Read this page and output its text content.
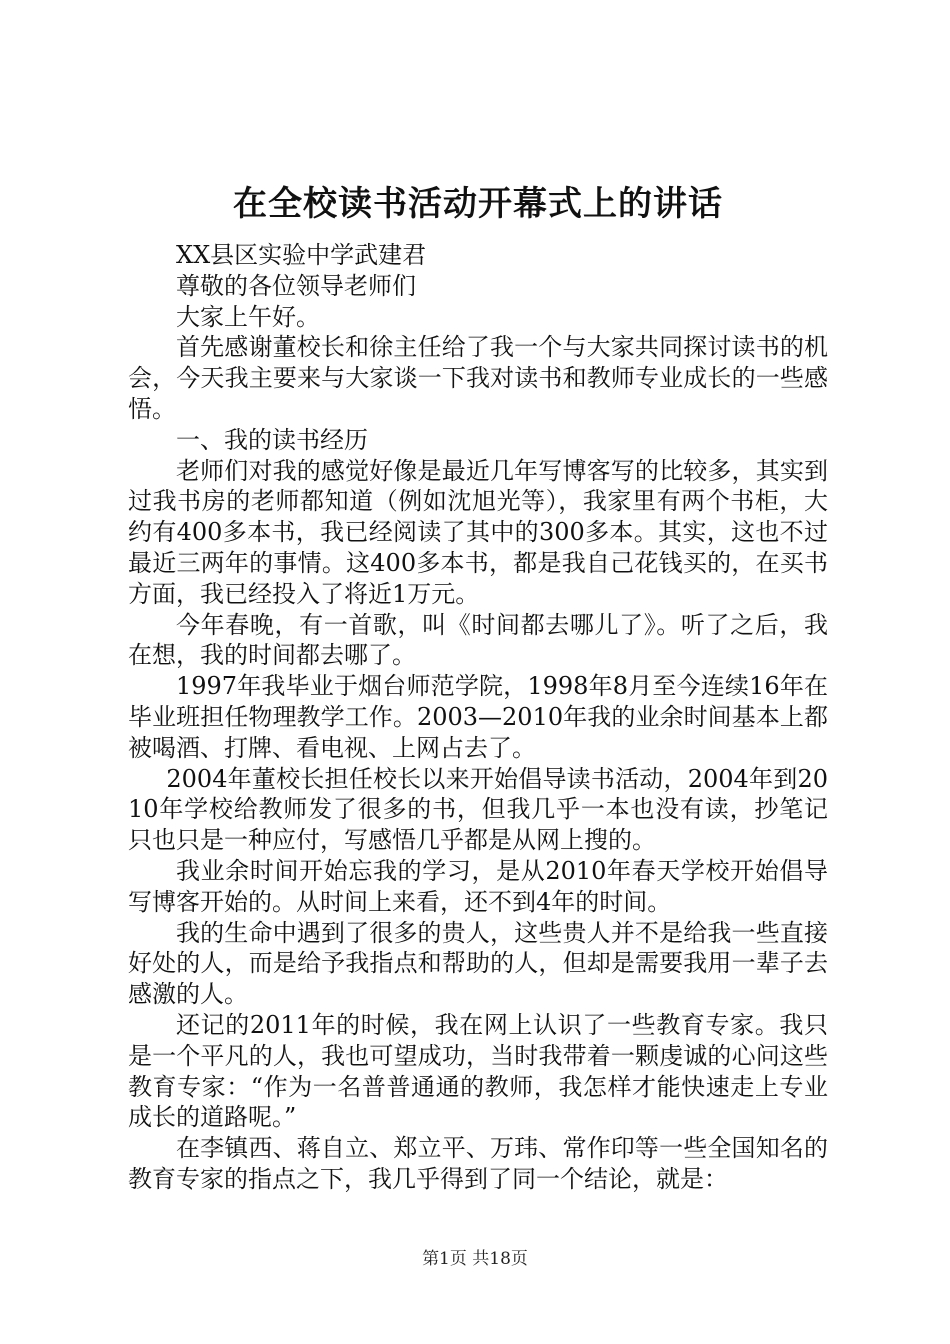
在全校读书活动开幕式上的讲话

XX县区实验中学武建君

尊敬的各位领导老师们

大家上午好。

首先感谢董校长和徐主任给了我一个与大家共同探讨读书的机会，今天我主要来与大家谈一下我对读书和教师专业成长的一些感悟。

一、我的读书经历

老师们对我的感觉好像是最近几年写博客写的比较多，其实到过我书房的老师都知道（例如沈旭光等），我家里有两个书柜，大约有400多本书，我已经阅读了其中的300多本。其实，这也不过最近三两年的事情。这400多本书，都是我自己花钱买的，在买书方面，我已经投入了将近1万元。

今年春晚，有一首歌，叫《时间都去哪儿了》。听了之后，我在想，我的时间都去哪了。

1997年我毕业于烟台师范学院，1998年8月至今连续16年在毕业班担任物理教学工作。2003—2010年我的业余时间基本上都被喝酒、打牌、看电视、上网占去了。

2004年董校长担任校长以来开始倡导读书活动，2004年到2010年学校给教师发了很多的书，但我几乎一本也没有读，抄笔记只也只是一种应付，写感悟几乎都是从网上搜的。

我业余时间开始忘我的学习，是从2010年春天学校开始倡导写博客开始的。从时间上来看，还不到4年的时间。

我的生命中遇到了很多的贵人，这些贵人并不是给我一些直接好处的人，而是给予我指点和帮助的人，但却是需要我用一辈子去感激的人。

还记的2011年的时候，我在网上认识了一些教育专家。我只是一个平凡的人，我也可望成功，当时我带着一颗虔诚的心问这些教育专家：“作为一名普普通通的教师，我怎样才能快速走上专业成长的道路呢。”

在李镇西、蒋自立、郑立平、万玮、常作印等一些全国知名的教育专家的指点之下，我几乎得到了同一个结论，就是：

第1页 共18页
